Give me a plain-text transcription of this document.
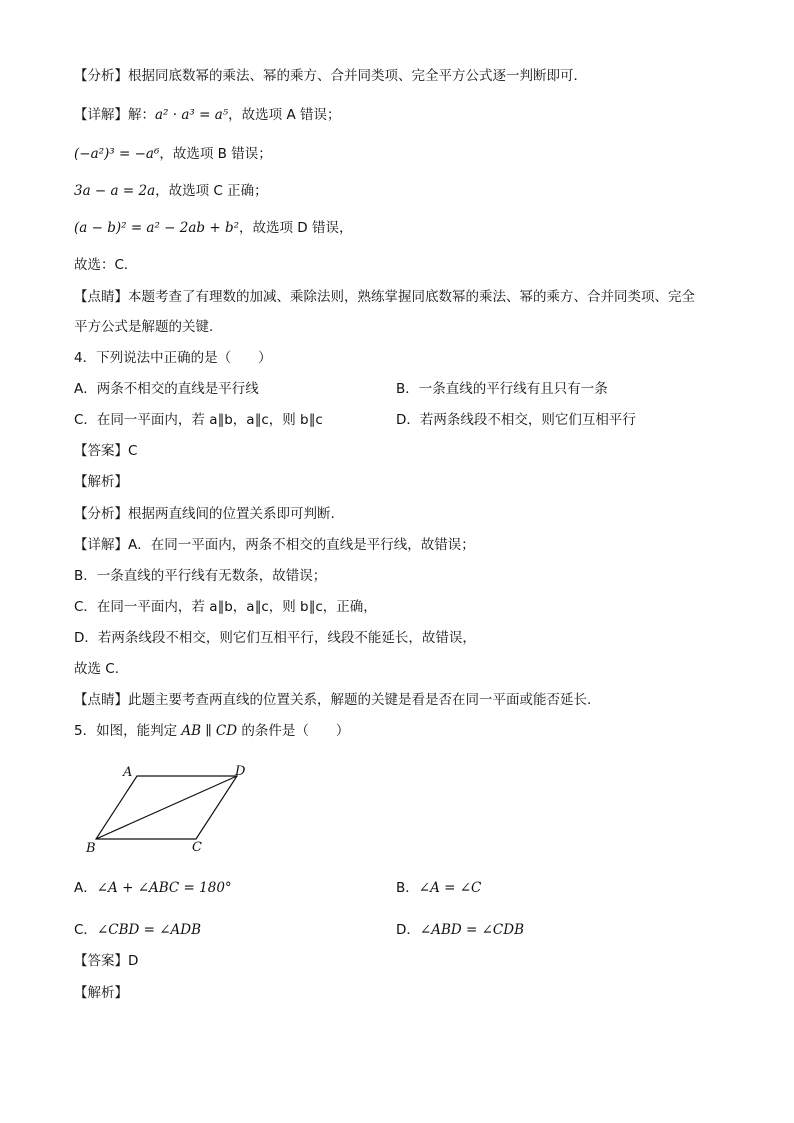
【分析】根据同底数幂的乘法、幂的乘方、合并同类项、完全平方公式逐一判断即可．
【详解】解：a² · a³ = a⁵，故选项 A 错误；
(−a²)³ = −a⁶，故选项 B 错误；
3a − a = 2a，故选项 C 正确；
(a − b)² = a² − 2ab + b²，故选项 D 错误，
故选：C．
【点睛】本题考查了有理数的加减、乘除法则，熟练掌握同底数幂的乘法、幂的乘方、合并同类项、完全
平方公式是解题的关键．
4．下列说法中正确的是（　　）
A．两条不相交的直线是平行线	B．一条直线的平行线有且只有一条
C．在同一平面内，若 a∥b，a∥c，则 b∥c	D．若两条线段不相交，则它们互相平行
【答案】C
【解析】
【分析】根据两直线间的位置关系即可判断.
【详解】A．在同一平面内，两条不相交的直线是平行线，故错误；
B．一条直线的平行线有无数条，故错误；
C．在同一平面内，若 a∥b，a∥c，则 b∥c，正确，
D．若两条线段不相交，则它们互相平行，线段不能延长，故错误，
故选 C.
【点睛】此题主要考查两直线的位置关系，解题的关键是看是否在同一平面或能否延长.
5．如图，能判定 AB ∥ CD 的条件是（　　）
A	D
B	C
A．∠A + ∠ABC = 180°	B．∠A = ∠C
C．∠CBD = ∠ADB	D．∠ABD = ∠CDB
【答案】D
【解析】
